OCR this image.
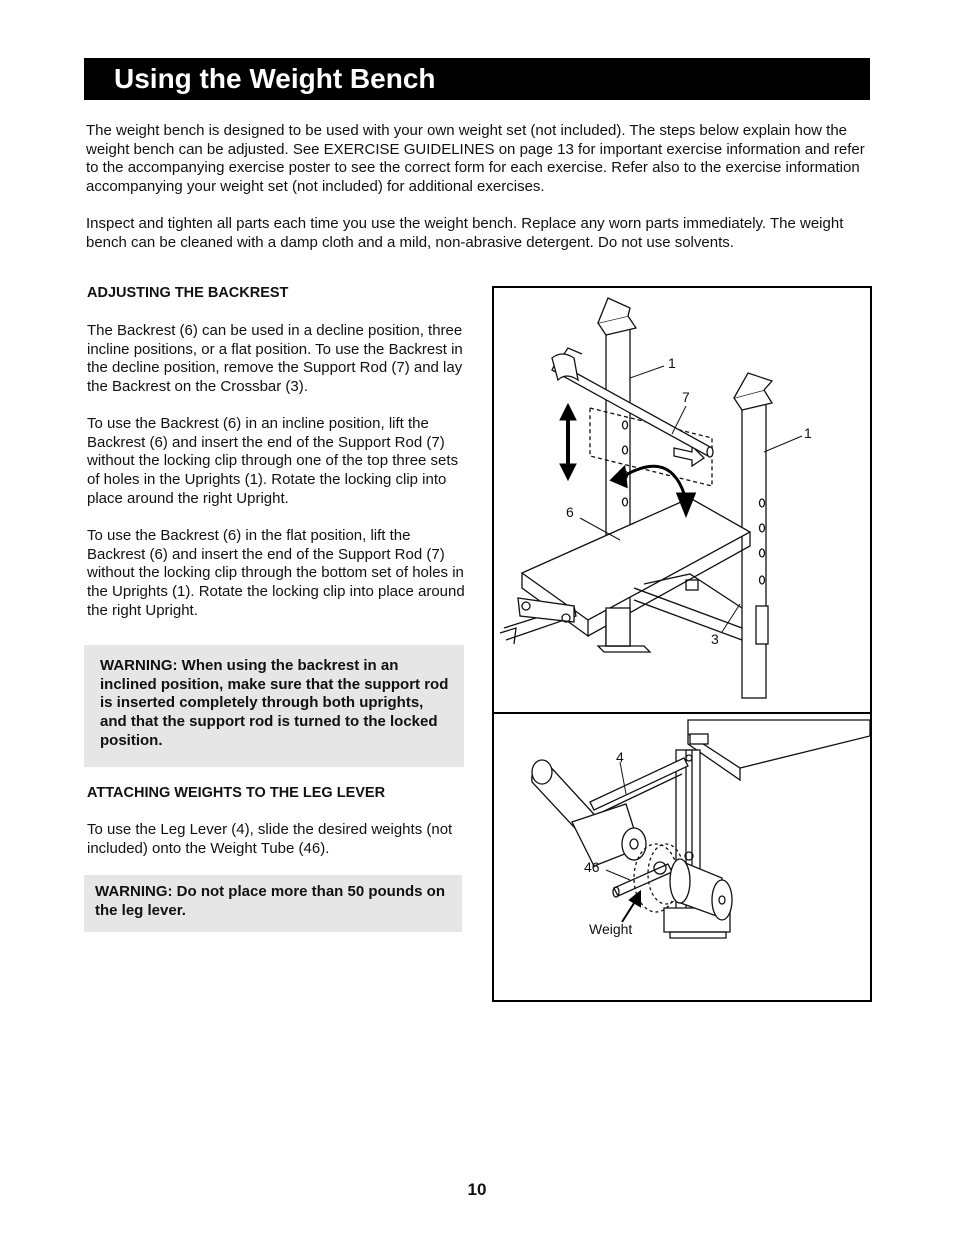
Using the Weight Bench

The weight bench is designed to be used with your own weight set (not included). The steps below explain how the weight bench can be adjusted. See EXERCISE GUIDELINES on page 13 for important exercise information and refer to the accompanying exercise poster to see the correct form for each exercise. Refer also to the exercise information accompanying your weight set (not included) for additional exercises.

Inspect and tighten all parts each time you use the weight bench. Replace any worn parts immediately. The weight bench can be cleaned with a damp cloth and a mild, non-abrasive detergent. Do not use solvents.

ADJUSTING THE BACKREST

The Backrest (6) can be used in a decline position, three incline positions, or a flat position. To use the Backrest in the decline position, remove the Support Rod (7) and lay the Backrest on the Crossbar (3).

To use the Backrest (6) in an incline position, lift the Backrest (6) and insert the end of the Support Rod (7) without the locking clip through one of the top three sets of holes in the Uprights (1). Rotate the locking clip into place around the right Upright.

To use the Backrest (6) in the flat position, lift the Backrest (6) and insert the end of the Support Rod (7) without the locking clip through the bottom set of holes in the Uprights (1). Rotate the locking clip into place around the right Upright.

WARNING: When using the backrest in an inclined position, make sure that the support rod is inserted completely through both uprights, and that the support rod is turned to the locked position.

ATTACHING WEIGHTS TO THE LEG LEVER

To use the Leg Lever (4), slide the desired weights (not included) onto the Weight Tube (46).

WARNING: Do not place more than 50 pounds on the leg lever.

1
7
1
6
3
4
46
Weight
10
